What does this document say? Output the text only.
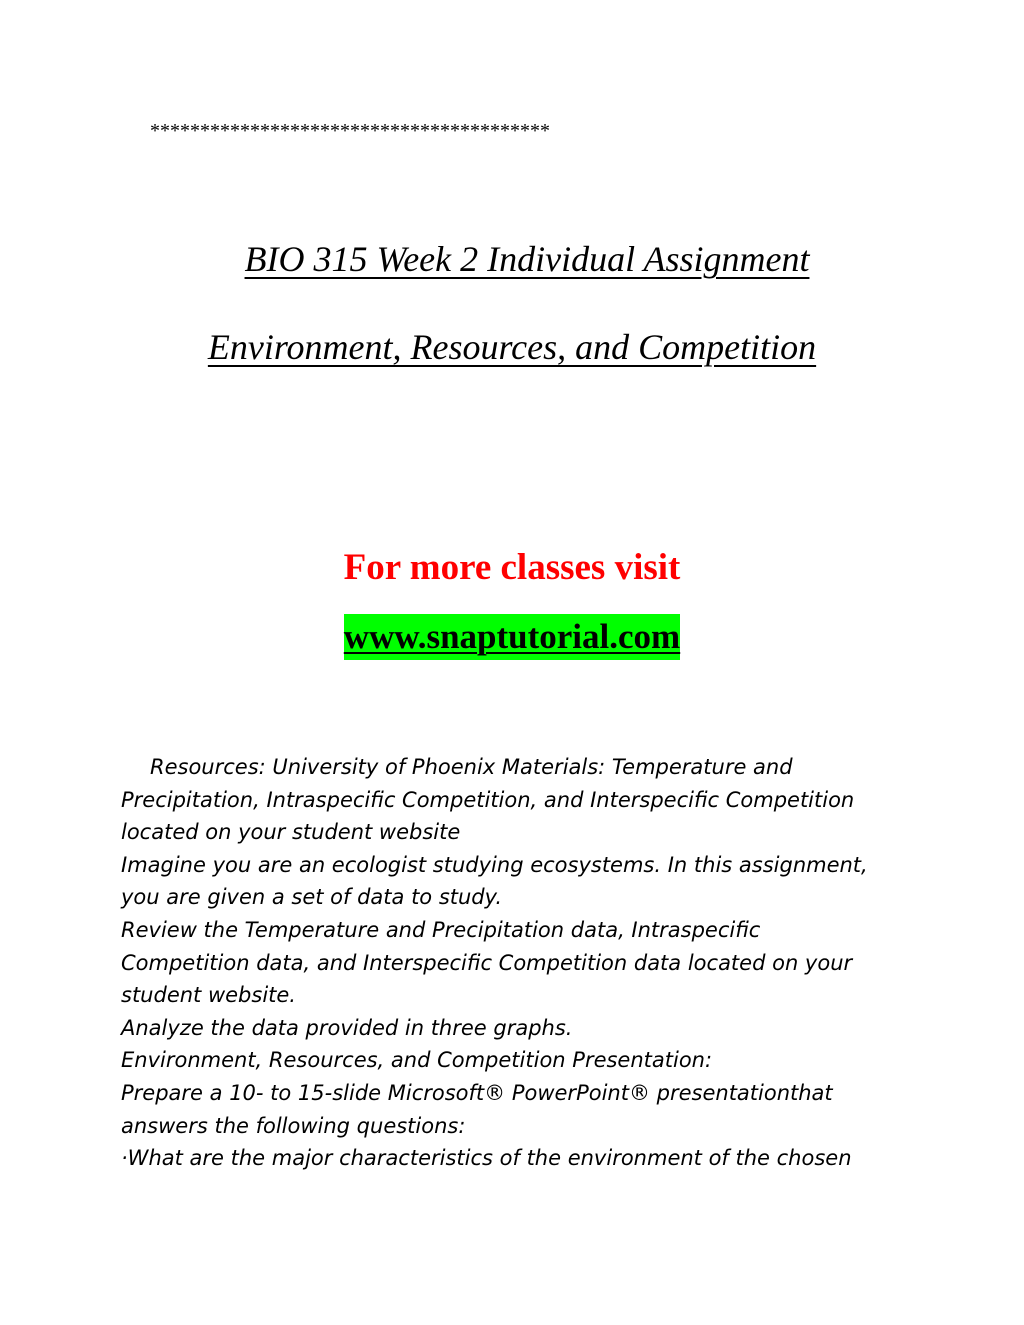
****************************************
BIO 315 Week 2 Individual Assignment
Environment, Resources, and Competition
For more classes visit
www.snaptutorial.com

Resources: University of Phoenix Materials: Temperature and

Precipitation, Intraspecific Competition, and Interspecific Competition

located on your student website

Imagine you are an ecologist studying ecosystems. In this assignment,

you are given a set of data to study.

Review the Temperature and Precipitation data, Intraspecific

Competition data, and Interspecific Competition data located on your

student website.

Analyze the data provided in three graphs.

Environment, Resources, and Competition Presentation:

Prepare a 10- to 15-slide Microsoft® PowerPoint® presentationthat

answers the following questions:

·What are the major characteristics of the environment of the chosen
